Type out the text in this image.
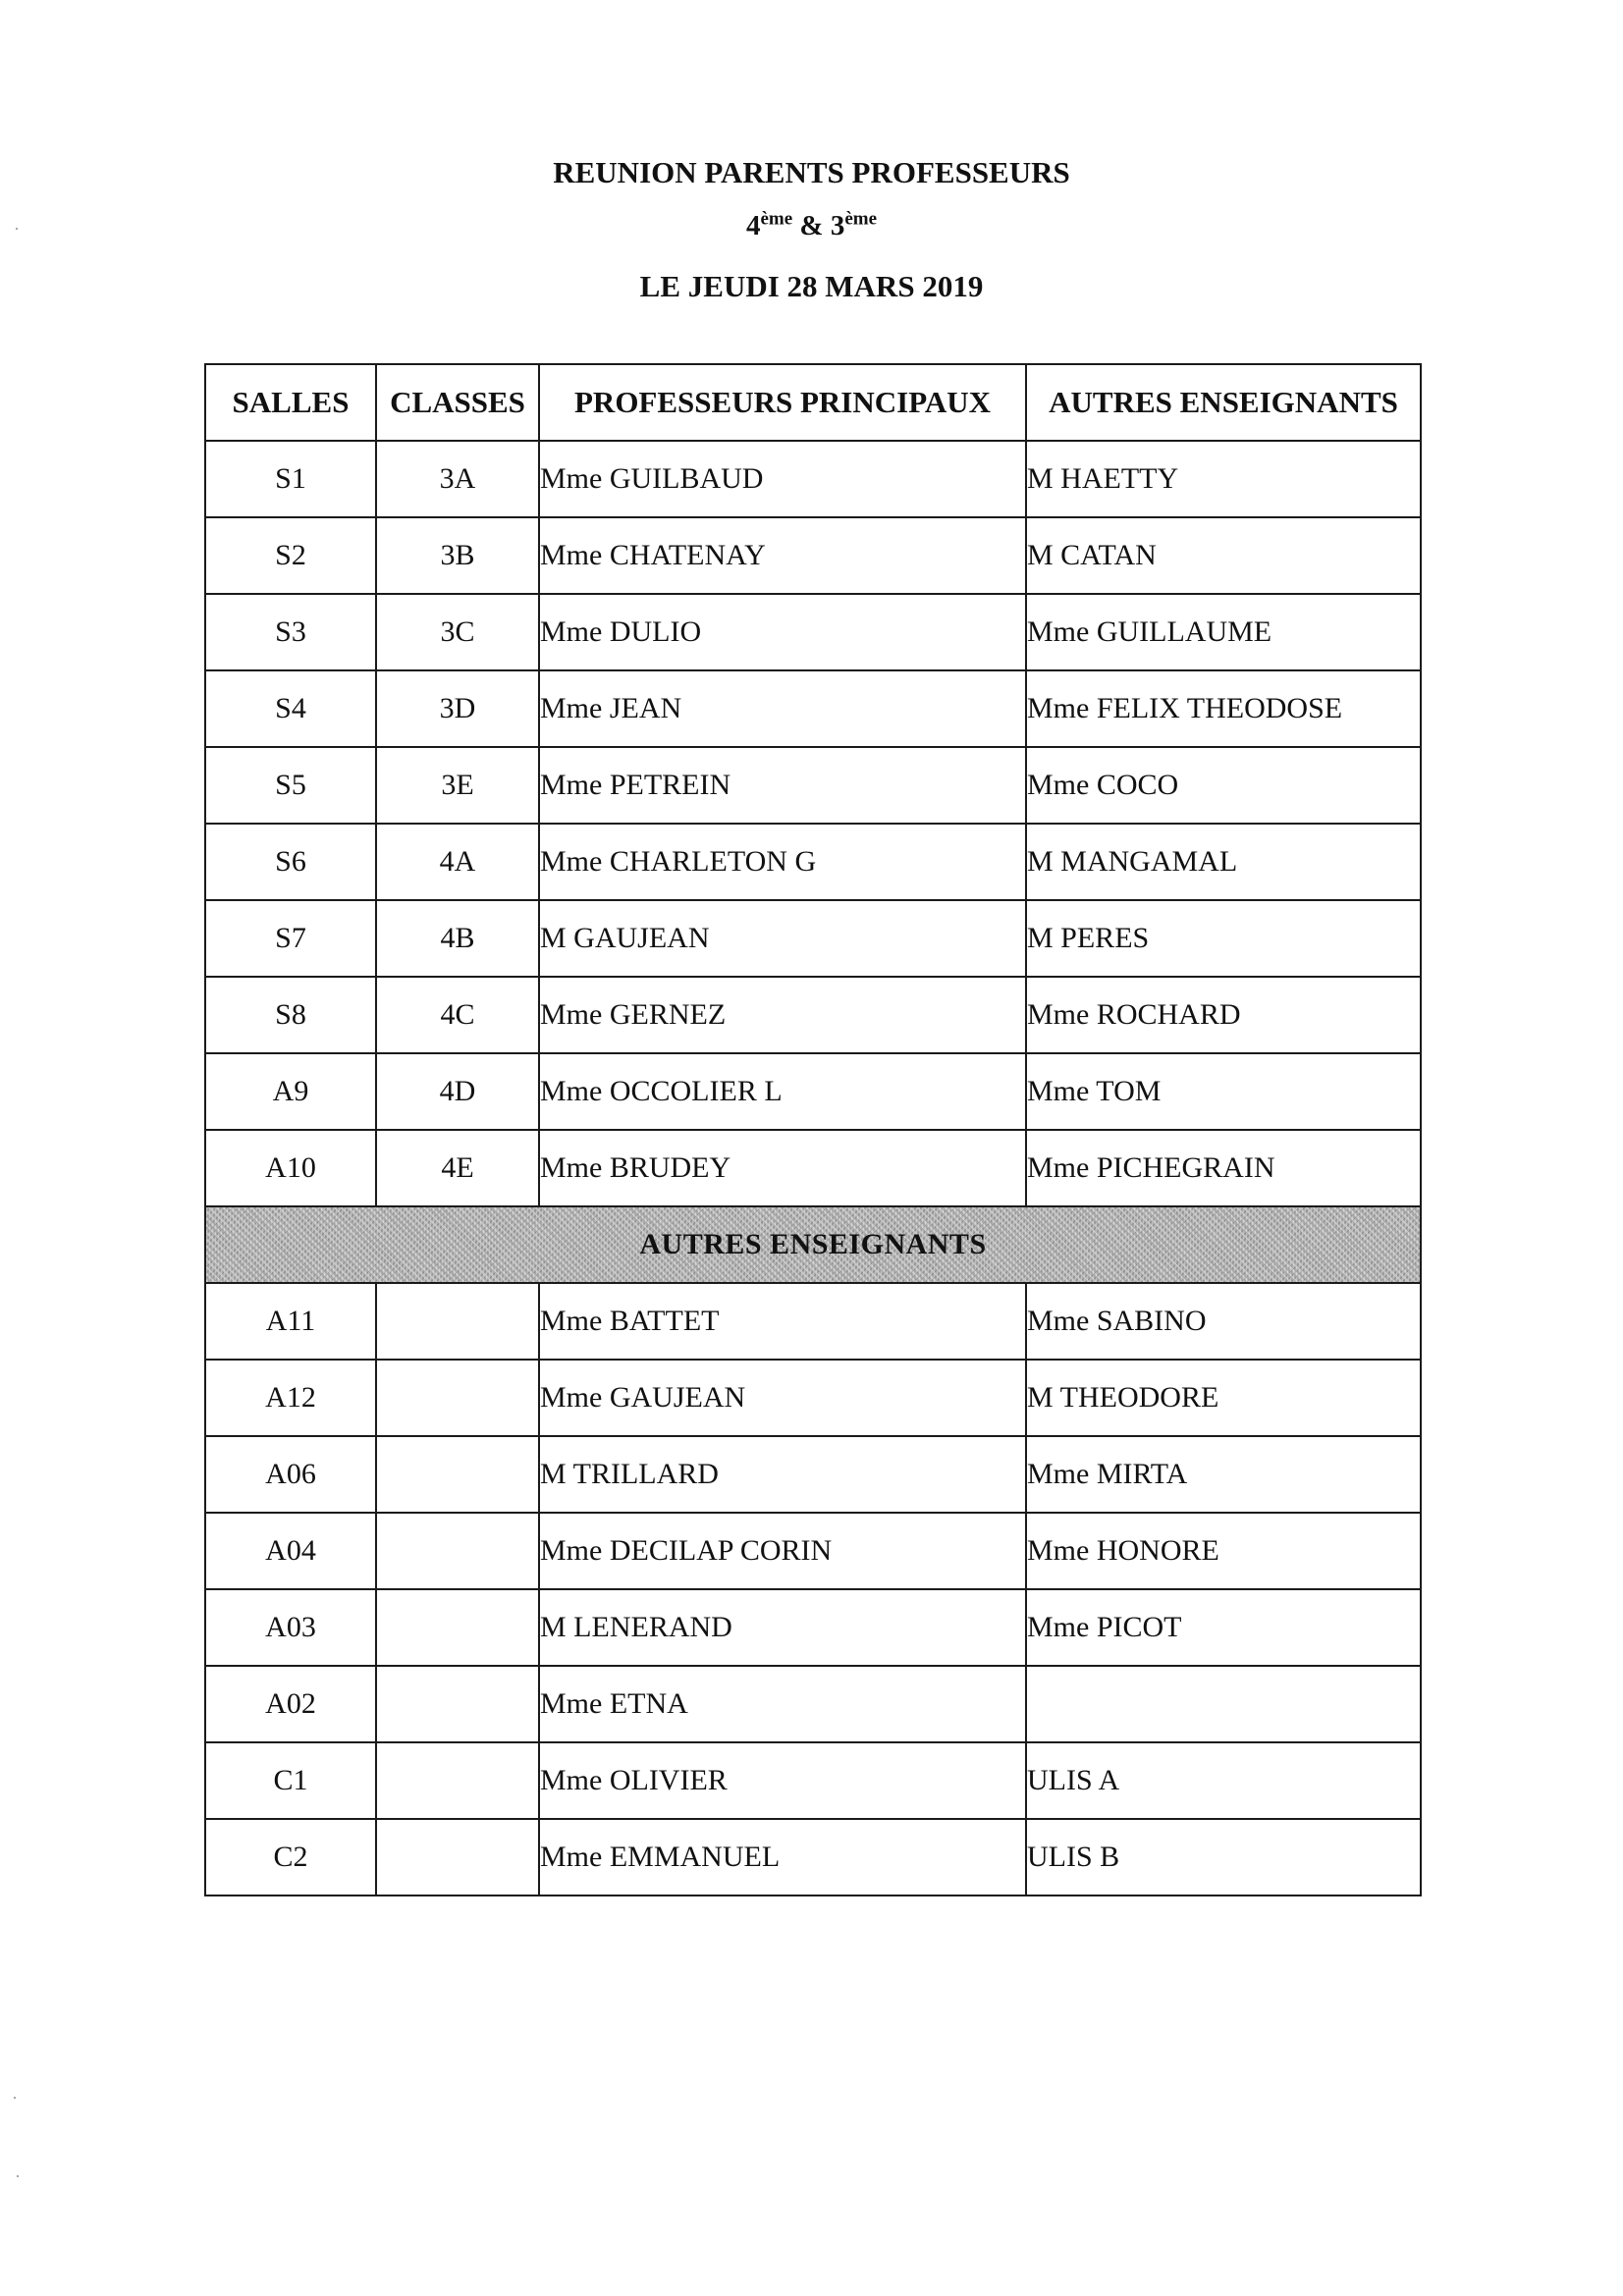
REUNION PARENTS PROFESSEURS
4ème & 3ème
LE JEUDI 28 MARS 2019
SALLES	CLASSES	PROFESSEURS PRINCIPAUX	AUTRES ENSEIGNANTS
S1	3A	Mme GUILBAUD	M HAETTY
S2	3B	Mme CHATENAY	M CATAN
S3	3C	Mme DULIO	Mme GUILLAUME
S4	3D	Mme JEAN	Mme FELIX THEODOSE
S5	3E	Mme PETREIN	Mme COCO
S6	4A	Mme CHARLETON G	M MANGAMAL
S7	4B	M GAUJEAN	M PERES
S8	4C	Mme GERNEZ	Mme ROCHARD
A9	4D	Mme OCCOLIER L	Mme TOM
A10	4E	Mme BRUDEY	Mme PICHEGRAIN
AUTRES ENSEIGNANTS			
A11		Mme BATTET	Mme SABINO
A12		Mme GAUJEAN	M THEODORE
A06		M TRILLARD	Mme MIRTA
A04		Mme DECILAP CORIN	Mme HONORE
A03		M LENERAND	Mme PICOT
A02		Mme ETNA	
C1		Mme OLIVIER	ULIS A
C2		Mme EMMANUEL	ULIS B
